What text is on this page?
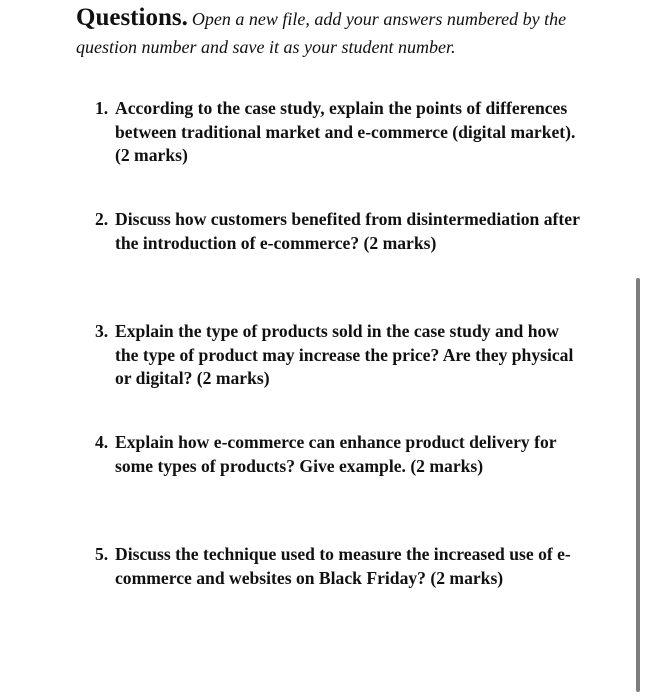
Questions. Open a new file, add your answers numbered by the question number and save it as your student number.
1. According to the case study, explain the points of differences between traditional market and e-commerce (digital market). (2 marks)
2. Discuss how customers benefited from disintermediation after the introduction of e-commerce? (2 marks)
3. Explain the type of products sold in the case study and how the type of product may increase the price? Are they physical or digital? (2 marks)
4. Explain how e-commerce can enhance product delivery for some types of products? Give example. (2 marks)
5. Discuss the technique used to measure the increased use of e-commerce and websites on Black Friday? (2 marks)
